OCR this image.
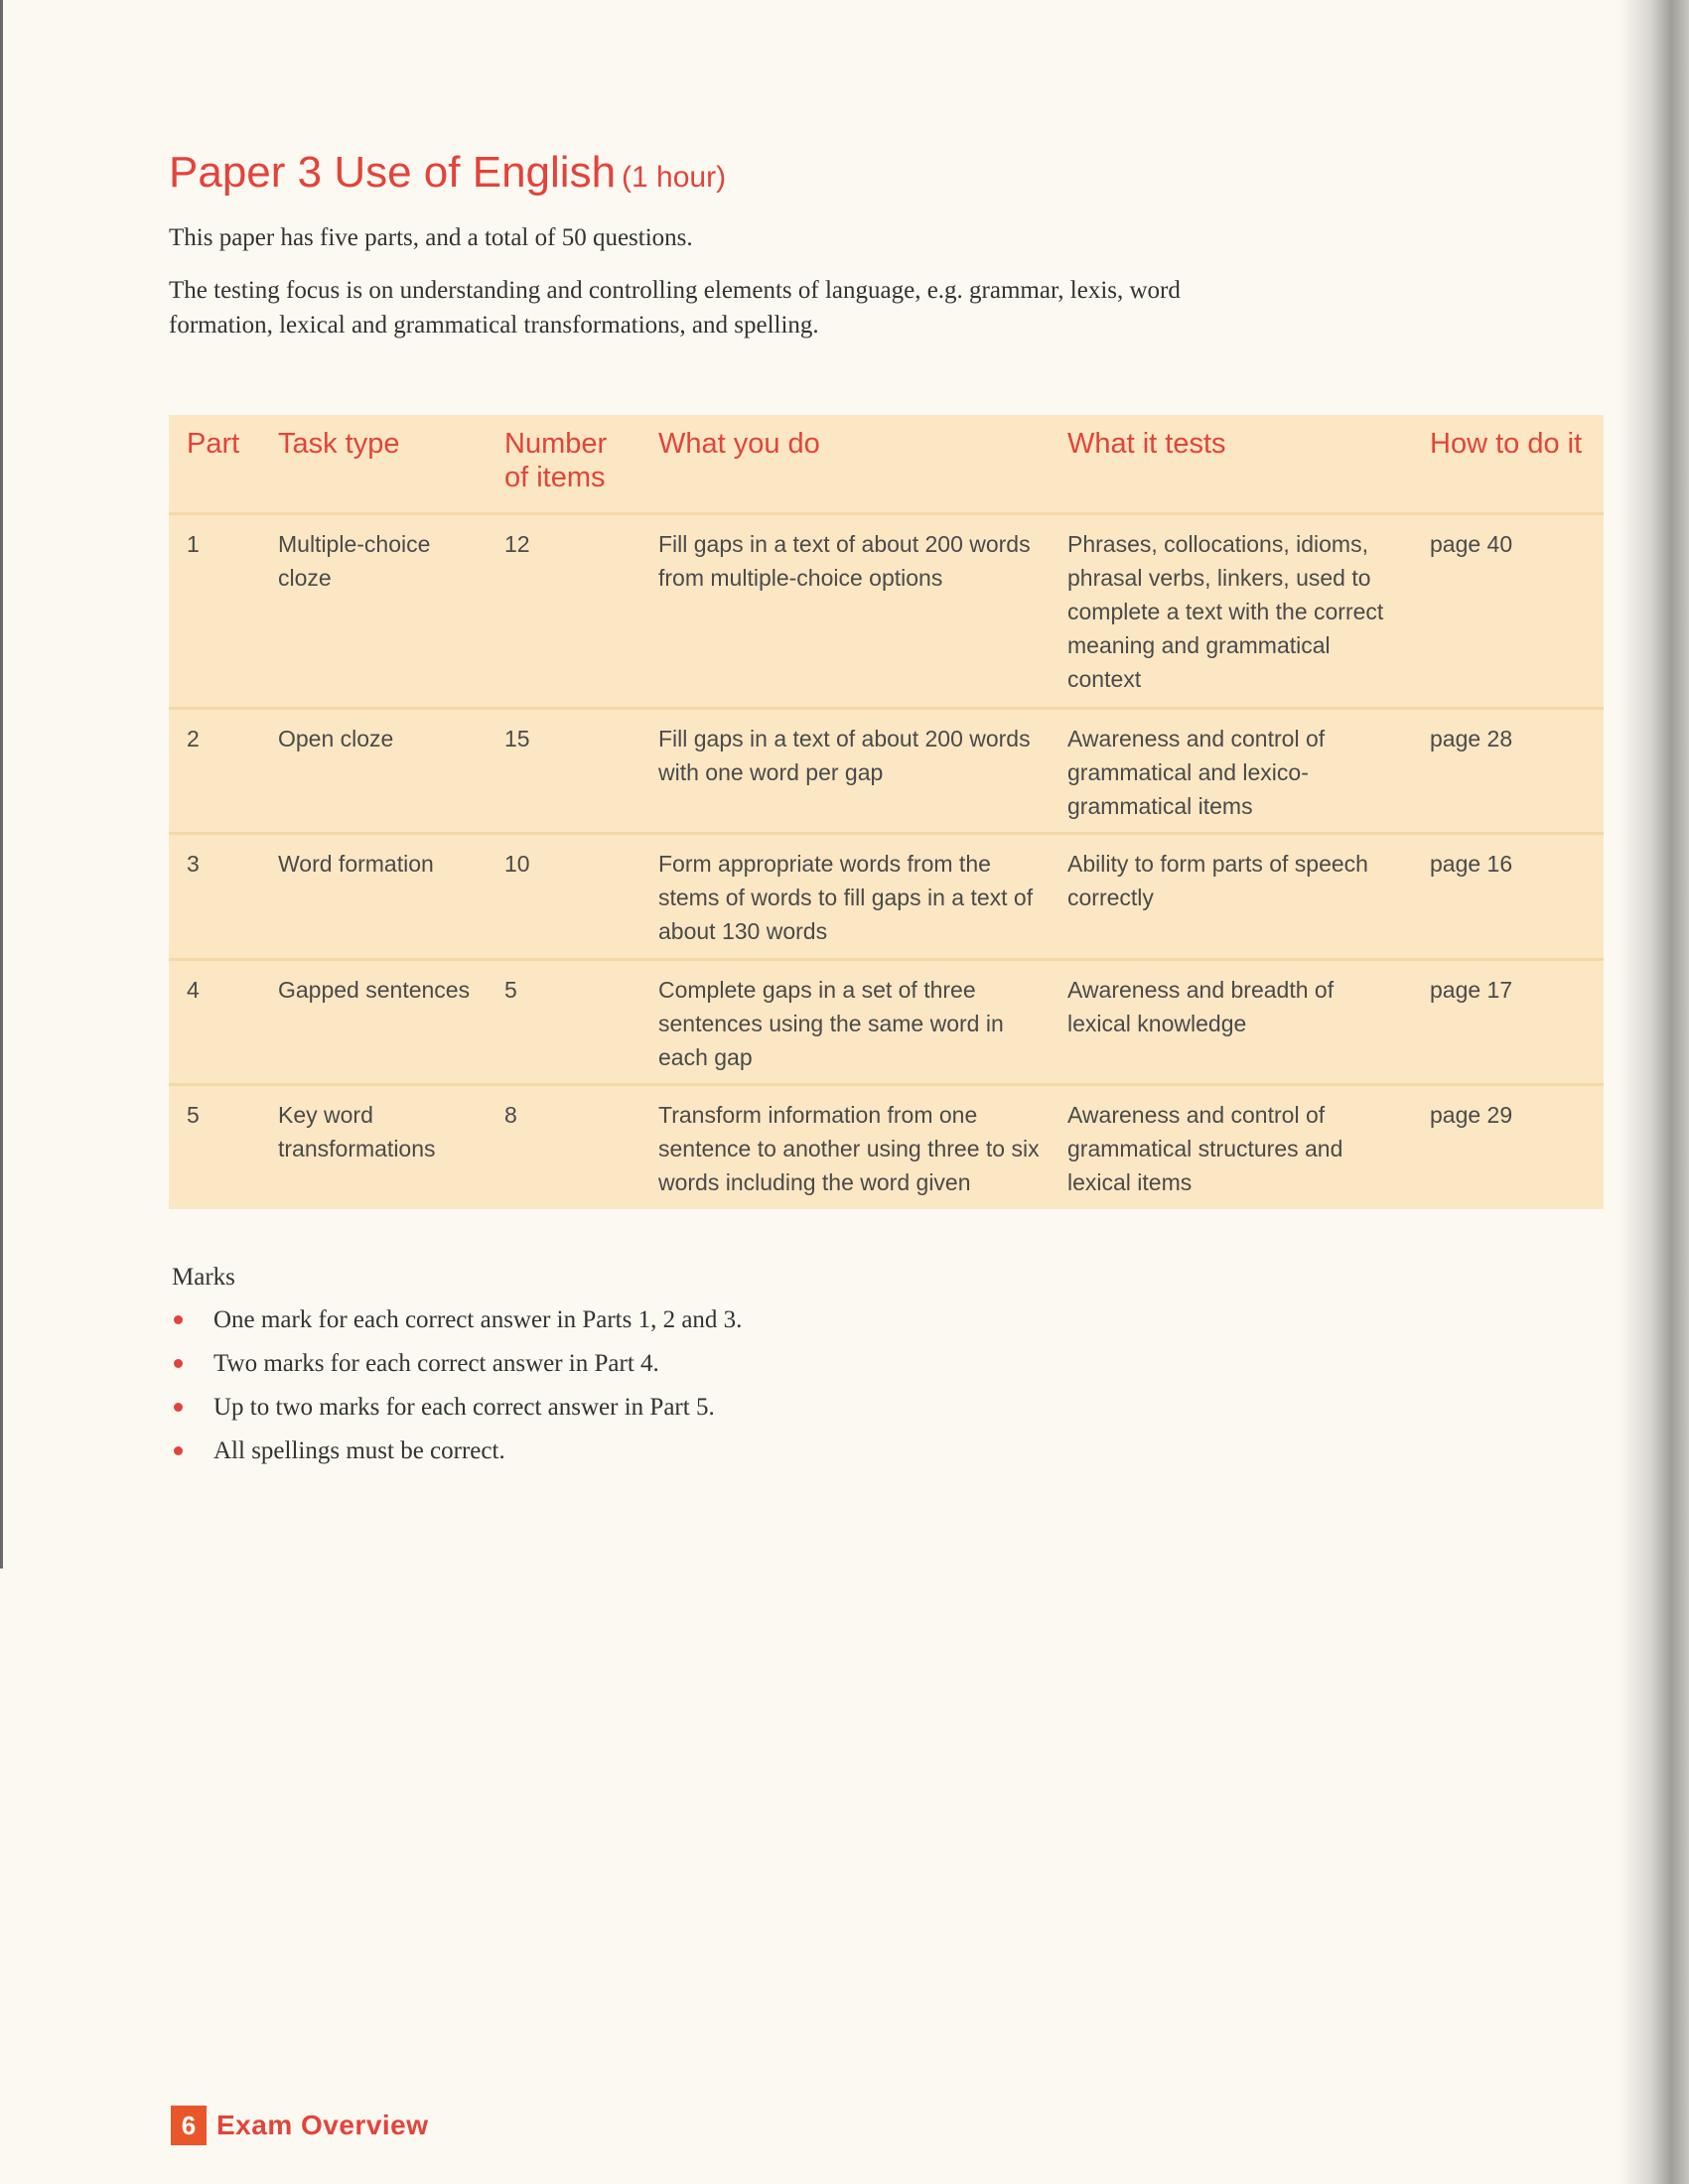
Paper 3 Use of English (1 hour)

This paper has five parts, and a total of 50 questions.

The testing focus is on understanding and controlling elements of language, e.g. grammar, lexis, word formation, lexical and grammatical transformations, and spelling.

Part	Task type	Number of items	What you do	What it tests	How to do it
1	Multiple-choice cloze	12	Fill gaps in a text of about 200 words from multiple-choice options	Phrases, collocations, idioms, phrasal verbs, linkers, used to complete a text with the correct meaning and grammatical context	page 40
2	Open cloze	15	Fill gaps in a text of about 200 words with one word per gap	Awareness and control of grammatical and lexico-grammatical items	page 28
3	Word formation	10	Form appropriate words from the stems of words to fill gaps in a text of about 130 words	Ability to form parts of speech correctly	page 16
4	Gapped sentences	5	Complete gaps in a set of three sentences using the same word in each gap	Awareness and breadth of lexical knowledge	page 17
5	Key word transformations	8	Transform information from one sentence to another using three to six words including the word given	Awareness and control of grammatical structures and lexical items	page 29
Marks
One mark for each correct answer in Parts 1, 2 and 3.
Two marks for each correct answer in Part 4.
Up to two marks for each correct answer in Part 5.
All spellings must be correct.
6 Exam Overview
